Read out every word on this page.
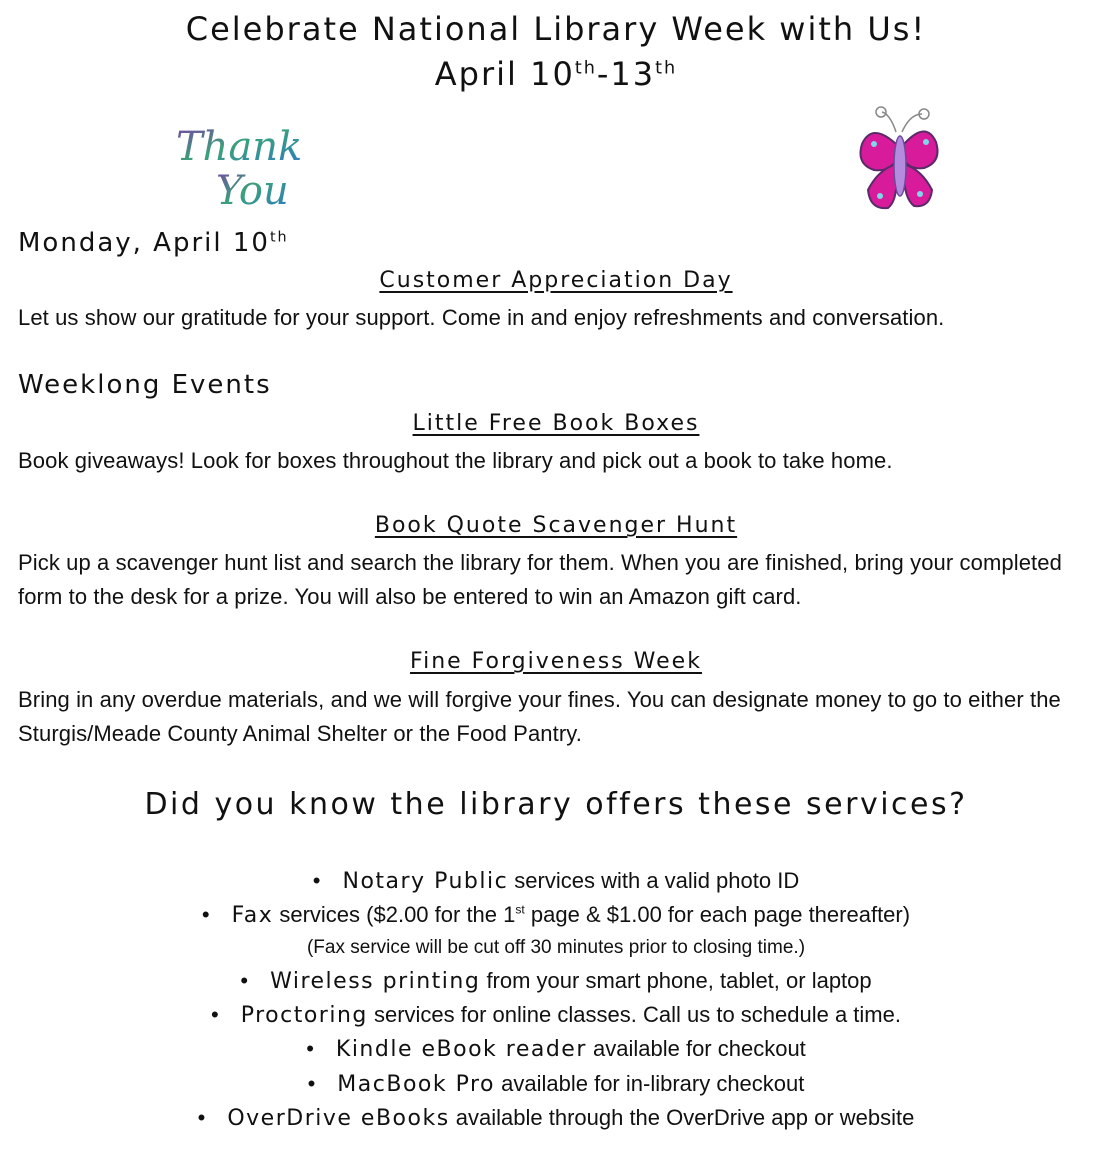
Celebrate National Library Week with Us!
April 10th-13th
Thank
You
Monday, April 10th
Customer Appreciation Day
Let us show our gratitude for your support. Come in and enjoy refreshments and conversation.
Weeklong Events
Little Free Book Boxes
Book giveaways! Look for boxes throughout the library and pick out a book to take home.
Book Quote Scavenger Hunt
Pick up a scavenger hunt list and search the library for them. When you are finished, bring your completed form to the desk for a prize. You will also be entered to win an Amazon gift card.
Fine Forgiveness Week
Bring in any overdue materials, and we will forgive your fines. You can designate money to go to either the Sturgis/Meade County Animal Shelter or the Food Pantry.
Did you know the library offers these services?
• Notary Public services with a valid photo ID
• Fax services ($2.00 for the 1st page & $1.00 for each page thereafter)
(Fax service will be cut off 30 minutes prior to closing time.)
• Wireless printing from your smart phone, tablet, or laptop
• Proctoring services for online classes. Call us to schedule a time.
• Kindle eBook reader available for checkout
• MacBook Pro available for in-library checkout
• OverDrive eBooks available through the OverDrive app or website
